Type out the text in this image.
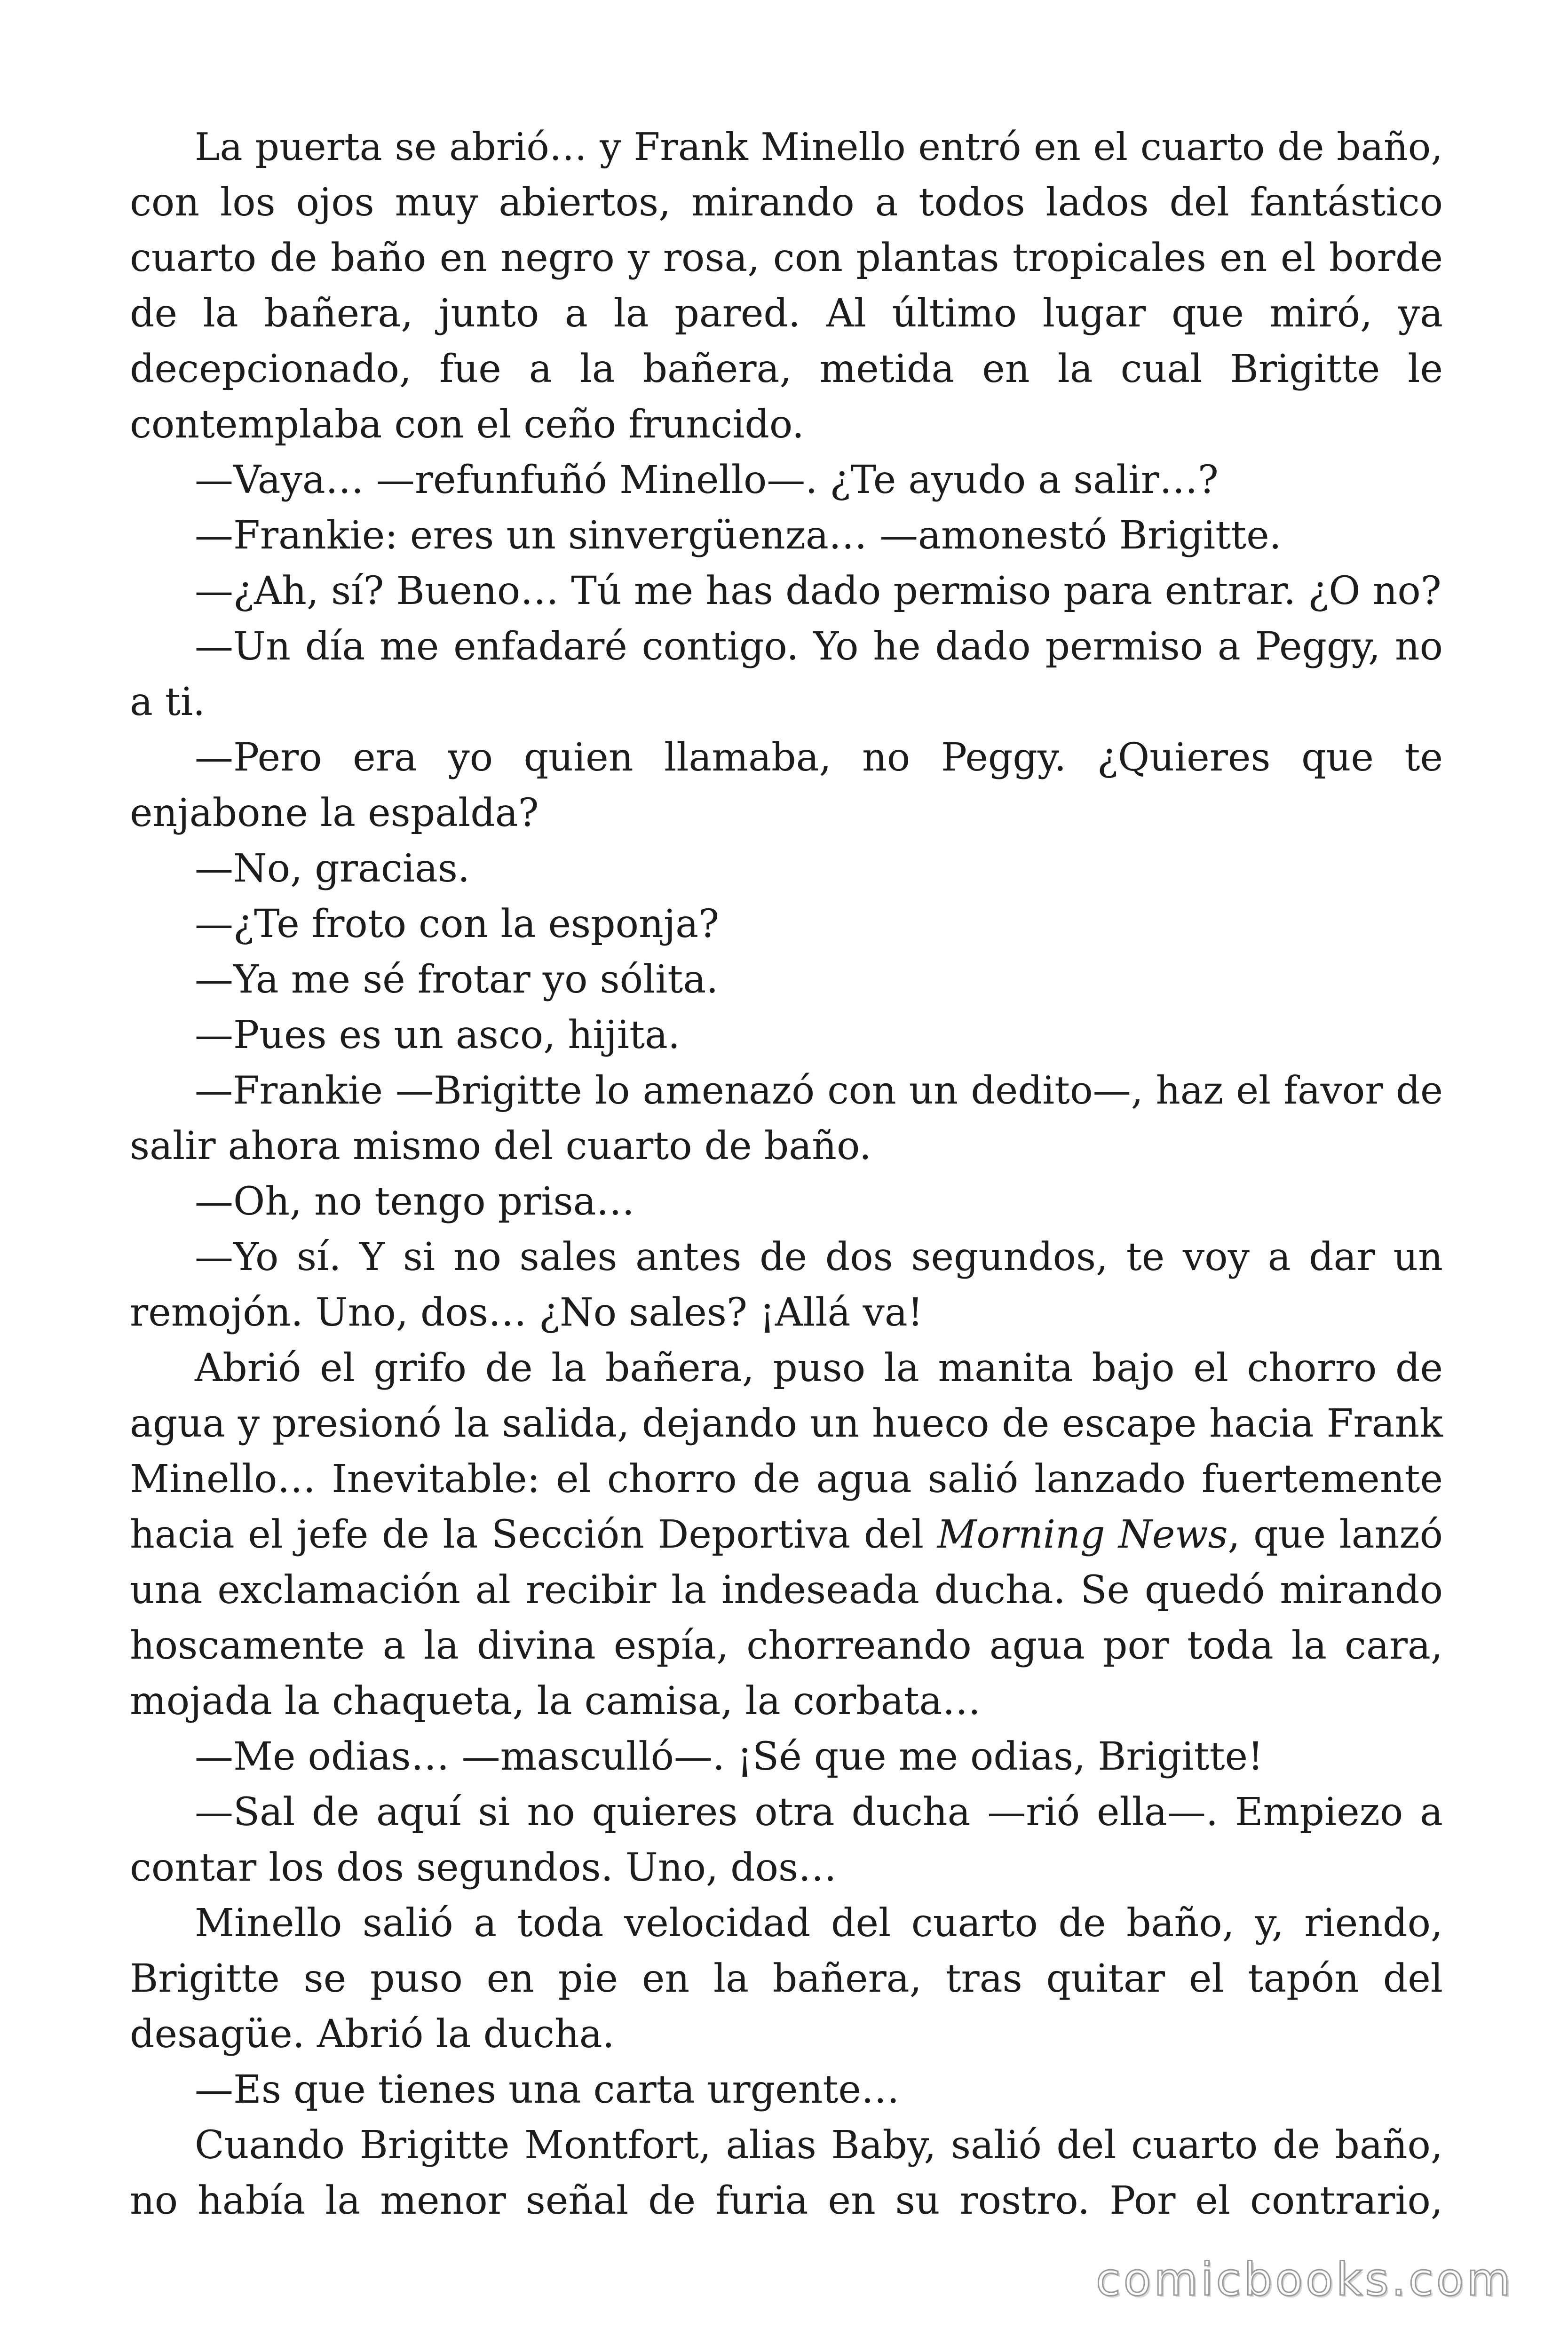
La puerta se abrió… y Frank Minello entró en el cuarto de baño,
con los ojos muy abiertos, mirando a todos lados del fantástico
cuarto de baño en negro y rosa, con plantas tropicales en el borde
de la bañera, junto a la pared. Al último lugar que miró, ya
decepcionado, fue a la bañera, metida en la cual Brigitte le
contemplaba con el ceño fruncido.
—Vaya… —refunfuñó Minello—. ¿Te ayudo a salir…?
—Frankie: eres un sinvergüenza… —amonestó Brigitte.
—¿Ah, sí? Bueno… Tú me has dado permiso para entrar. ¿O no?
—Un día me enfadaré contigo. Yo he dado permiso a Peggy, no
a ti.
—Pero era yo quien llamaba, no Peggy. ¿Quieres que te
enjabone la espalda?
—No, gracias.
—¿Te froto con la esponja?
—Ya me sé frotar yo sólita.
—Pues es un asco, hijita.
—Frankie —Brigitte lo amenazó con un dedito—, haz el favor de
salir ahora mismo del cuarto de baño.
—Oh, no tengo prisa…
—Yo sí. Y si no sales antes de dos segundos, te voy a dar un
remojón. Uno, dos… ¿No sales? ¡Allá va!
Abrió el grifo de la bañera, puso la manita bajo el chorro de
agua y presionó la salida, dejando un hueco de escape hacia Frank
Minello… Inevitable: el chorro de agua salió lanzado fuertemente
hacia el jefe de la Sección Deportiva del Morning News, que lanzó
una exclamación al recibir la indeseada ducha. Se quedó mirando
hoscamente a la divina espía, chorreando agua por toda la cara,
mojada la chaqueta, la camisa, la corbata…
—Me odias… —masculló—. ¡Sé que me odias, Brigitte!
—Sal de aquí si no quieres otra ducha —rió ella—. Empiezo a
contar los dos segundos. Uno, dos…
Minello salió a toda velocidad del cuarto de baño, y, riendo,
Brigitte se puso en pie en la bañera, tras quitar el tapón del
desagüe. Abrió la ducha.
—Es que tienes una carta urgente…
Cuando Brigitte Montfort, alias Baby, salió del cuarto de baño,
no había la menor señal de furia en su rostro. Por el contrario,
comicbooks.com
